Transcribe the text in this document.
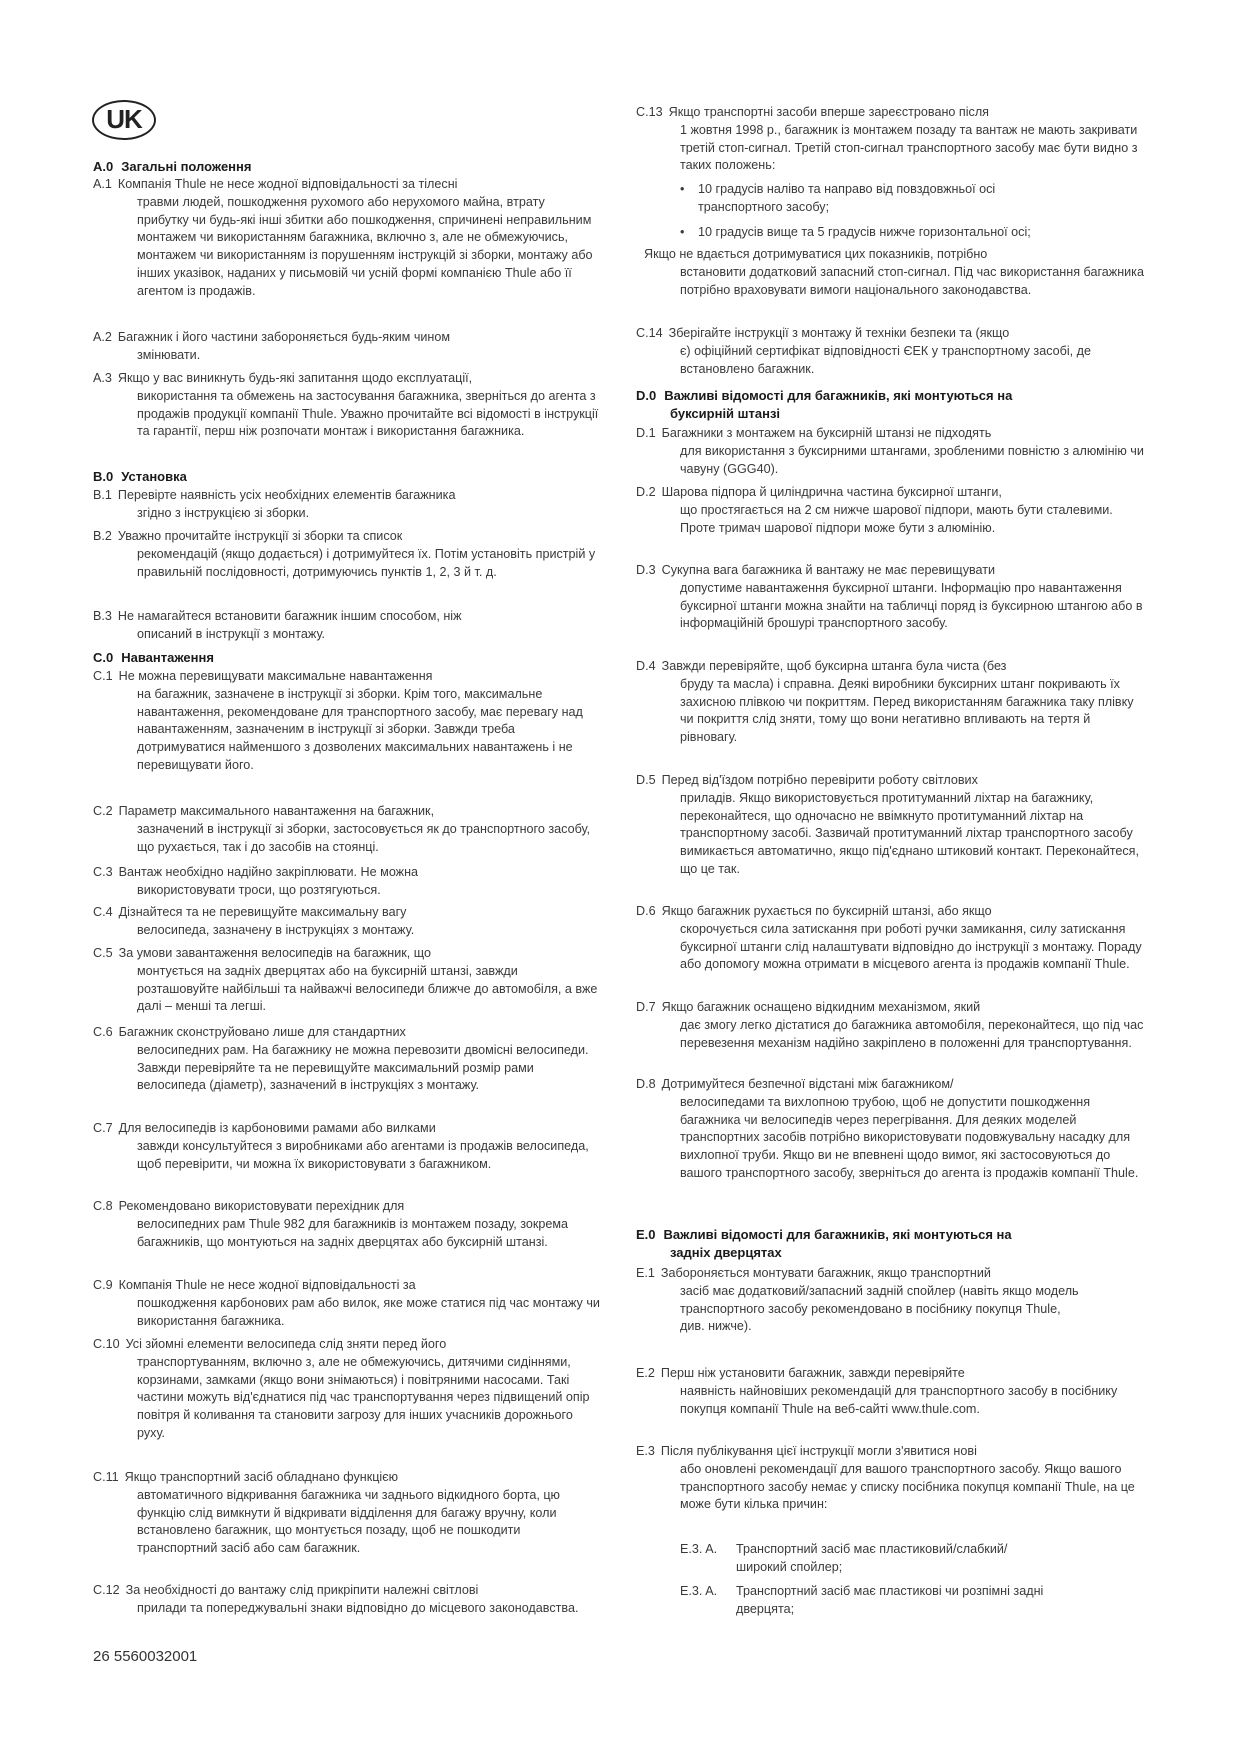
UK
A.0 Загальні положення
A.1 Компанія Thule не несе жодної відповідальності за тілесні
травми людей, пошкодження рухомого або нерухомого майна, втрату прибутку чи будь-які інші збитки або пошкодження, спричинені неправильним монтажем чи використанням багажника, включно з, але не обмежуючись, монтажем чи використанням із порушенням інструкцій зі зборки, монтажу або інших указівок, наданих у письмовій чи усній формі компанією Thule або її агентом із продажів.
A.2 Багажник і його частини забороняється будь-яким чином
змінювати.
A.3 Якщо у вас виникнуть будь-які запитання щодо експлуатації,
використання та обмежень на застосування багажника, зверніться до агента з продажів продукції компанії Thule. Уважно прочитайте всі відомості в інструкції та гарантії, перш ніж розпочати монтаж і використання багажника.
B.0 Установка
B.1 Перевірте наявність усіх необхідних елементів багажника
згідно з інструкцією зі зборки.
B.2 Уважно прочитайте інструкції зі зборки та список
рекомендацій (якщо додається) і дотримуйтеся їх. Потім установіть пристрій у правильній послідовності, дотримуючись пунктів 1, 2, 3 й т. д.
B.3 Не намагайтеся встановити багажник іншим способом, ніж
описаний в інструкції з монтажу.
C.0 Навантаження
C.1 Не можна перевищувати максимальне навантаження
на багажник, зазначене в інструкції зі зборки. Крім того, максимальне навантаження, рекомендоване для транспортного засобу, має перевагу над навантаженням, зазначеним в інструкції зі зборки. Завжди треба дотримуватися найменшого з дозволених максимальних навантажень і не перевищувати його.
C.2 Параметр максимального навантаження на багажник,
зазначений в інструкції зі зборки, застосовується як до транспортного засобу, що рухається, так і до засобів на стоянці.
C.3 Вантаж необхідно надійно закріплювати. Не можна
використовувати троси, що розтягуються.
C.4 Дізнайтеся та не перевищуйте максимальну вагу
велосипеда, зазначену в інструкціях з монтажу.
C.5 За умови завантаження велосипедів на багажник, що
монтується на задніх дверцятах або на буксирній штанзі, завжди розташовуйте найбільші та найважчі велосипеди ближче до автомобіля, а вже далі – менші та легші.
C.6 Багажник сконструйовано лише для стандартних
велосипедних рам. На багажнику не можна перевозити двомісні велосипеди. Завжди перевіряйте та не перевищуйте максимальний розмір рами велосипеда (діаметр), зазначений в інструкціях з монтажу.
C.7 Для велосипедів із карбоновими рамами або вилками
завжди консультуйтеся з виробниками або агентами із продажів велосипеда, щоб перевірити, чи можна їх використовувати з багажником.
C.8 Рекомендовано використовувати перехідник для
велосипедних рам Thule 982 для багажників із монтажем позаду, зокрема багажників, що монтуються на задніх дверцятах або буксирній штанзі.
C.9 Компанія Thule не несе жодної відповідальності за
пошкодження карбонових рам або вилок, яке може статися під час монтажу чи використання багажника.
C.10 Усі зйомні елементи велосипеда слід зняти перед його
транспортуванням, включно з, але не обмежуючись, дитячими сидіннями, корзинами, замками (якщо вони знімаються) і повітряними насосами. Такі частини можуть від'єднатися під час транспортування через підвищений опір повітря й коливання та становити загрозу для інших учасників дорожнього руху.
C.11 Якщо транспортний засіб обладнано функцією
автоматичного відкривання багажника чи заднього відкидного борта, цю функцію слід вимкнути й відкривати відділення для багажу вручну, коли встановлено багажник, що монтується позаду, щоб не пошкодити транспортний засіб або сам багажник.
C.12 За необхідності до вантажу слід прикріпити належні світлові
прилади та попереджувальні знаки відповідно до місцевого законодавства.
C.13 Якщо транспортні засоби вперше зареєстровано після
1 жовтня 1998 р., багажник із монтажем позаду та вантаж не мають закривати третій стоп-сигнал. Третій стоп-сигнал транспортного засобу має бути видно з таких положень:
• 10 градусів наліво та направо від повздовжньої осі
транспортного засобу;
• 10 градусів вище та 5 градусів нижче горизонтальної осі;
Якщо не вдається дотримуватися цих показників, потрібно
встановити додатковий запасний стоп-сигнал. Під час використання багажника потрібно враховувати вимоги національного законодавства.
C.14 Зберігайте інструкції з монтажу й техніки безпеки та (якщо
є) офіційний сертифікат відповідності ЄЕК у транспортному засобі, де встановлено багажник.
D.0 Важливі відомості для багажників, які монтуються на
буксирній штанзі
D.1 Багажники з монтажем на буксирній штанзі не підходять
для використання з буксирними штангами, зробленими повністю з алюмінію чи чавуну (GGG40).
D.2 Шарова підпора й циліндрична частина буксирної штанги,
що простягається на 2 см нижче шарової підпори, мають бути сталевими. Проте тримач шарової підпори може бути з алюмінію.
D.3 Сукупна вага багажника й вантажу не має перевищувати
допустиме навантаження буксирної штанги. Інформацію про навантаження буксирної штанги можна знайти на табличці поряд із буксирною штангою або в інформаційній брошурі транспортного засобу.
D.4 Завжди перевіряйте, щоб буксирна штанга була чиста (без
бруду та масла) і справна. Деякі виробники буксирних штанг покривають їх захисною плівкою чи покриттям. Перед використанням багажника таку плівку чи покриття слід зняти, тому що вони негативно впливають на тертя й рівновагу.
D.5 Перед від'їздом потрібно перевірити роботу світлових
приладів. Якщо використовується протитуманний ліхтар на багажнику, переконайтеся, що одночасно не ввімкнуто протитуманний ліхтар на транспортному засобі. Зазвичай протитуманний ліхтар транспортного засобу вимикається автоматично, якщо під'єднано штиковий контакт. Переконайтеся, що це так.
D.6 Якщо багажник рухається по буксирній штанзі, або якщо
скорочується сила затискання при роботі ручки замикання, силу затискання буксирної штанги слід налаштувати відповідно до інструкції з монтажу. Пораду або допомогу можна отримати в місцевого агента із продажів компанії Thule.
D.7 Якщо багажник оснащено відкидним механізмом, який
дає змогу легко дістатися до багажника автомобіля, переконайтеся, що під час перевезення механізм надійно закріплено в положенні для транспортування.
D.8 Дотримуйтеся безпечної відстані між багажником/
велосипедами та вихлопною трубою, щоб не допустити пошкодження багажника чи велосипедів через перегрівання. Для деяких моделей транспортних засобів потрібно використовувати подовжувальну насадку для вихлопної труби. Якщо ви не впевнені щодо вимог, які застосовуються до вашого транспортного засобу, зверніться до агента із продажів компанії Thule.
E.0 Важливі відомості для багажників, які монтуються на
задніх дверцятах
E.1 Забороняється монтувати багажник, якщо транспортний
засіб має додатковий/запасний задній спойлер (навіть якщо модель транспортного засобу рекомендовано в посібнику покупця Thule,
див. нижче).
E.2 Перш ніж установити багажник, завжди перевіряйте
наявність найновіших рекомендацій для транспортного засобу в посібнику покупця компанії Thule на веб-сайті www.thule.com.
E.3 Після публікування цієї інструкції могли з'явитися нові
або оновлені рекомендації для вашого транспортного засобу. Якщо вашого транспортного засобу немає у списку посібника покупця компанії Thule, на це може бути кілька причин:
E.3. A. Транспортний засіб має пластиковий/слабкий/
широкий спойлер;
E.3. A. Транспортний засіб має пластикові чи розпімні задні
дверцята;
26 5560032001
